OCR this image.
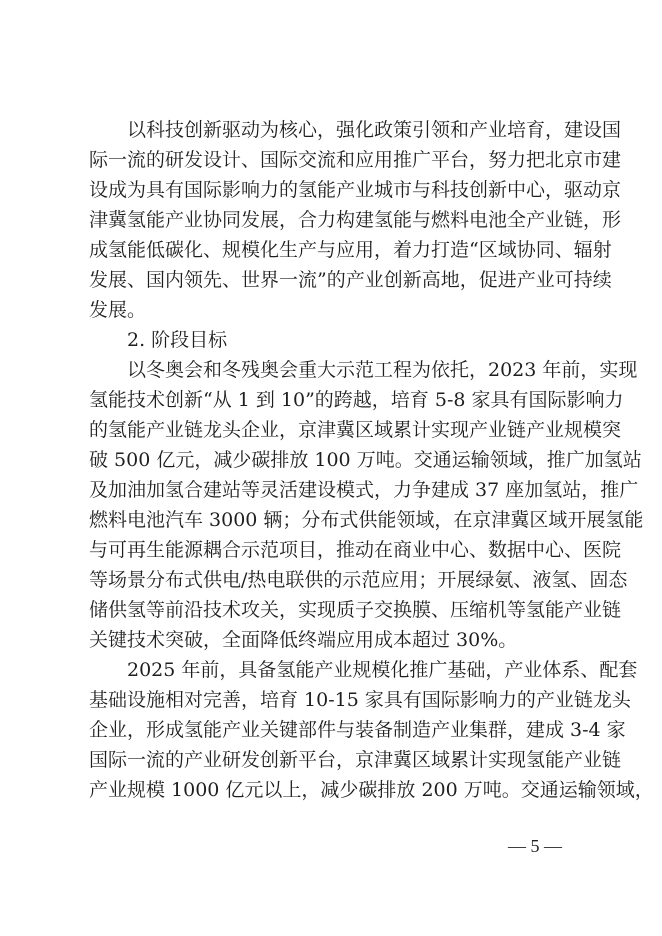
以科技创新驱动为核心，强化政策引领和产业培育，建设国
际一流的研发设计、国际交流和应用推广平台，努力把北京市建
设成为具有国际影响力的氢能产业城市与科技创新中心，驱动京
津冀氢能产业协同发展，合力构建氢能与燃料电池全产业链，形
成氢能低碳化、规模化生产与应用，着力打造“区域协同、辐射
发展、国内领先、世界一流”的产业创新高地，促进产业可持续
发展。
2. 阶段目标
以冬奥会和冬残奥会重大示范工程为依托，2023 年前，实现
氢能技术创新“从 1 到 10”的跨越，培育 5-8 家具有国际影响力
的氢能产业链龙头企业，京津冀区域累计实现产业链产业规模突
破 500 亿元，减少碳排放 100 万吨。交通运输领域，推广加氢站
及加油加氢合建站等灵活建设模式，力争建成 37 座加氢站，推广
燃料电池汽车 3000 辆；分布式供能领域，在京津冀区域开展氢能
与可再生能源耦合示范项目，推动在商业中心、数据中心、医院
等场景分布式供电/热电联供的示范应用；开展绿氨、液氢、固态
储供氢等前沿技术攻关，实现质子交换膜、压缩机等氢能产业链
关键技术突破，全面降低终端应用成本超过 30%。
2025 年前，具备氢能产业规模化推广基础，产业体系、配套
基础设施相对完善，培育 10-15 家具有国际影响力的产业链龙头
企业，形成氢能产业关键部件与装备制造产业集群，建成 3-4 家
国际一流的产业研发创新平台，京津冀区域累计实现氢能产业链
产业规模 1000 亿元以上，减少碳排放 200 万吨。交通运输领域，
— 5 —
